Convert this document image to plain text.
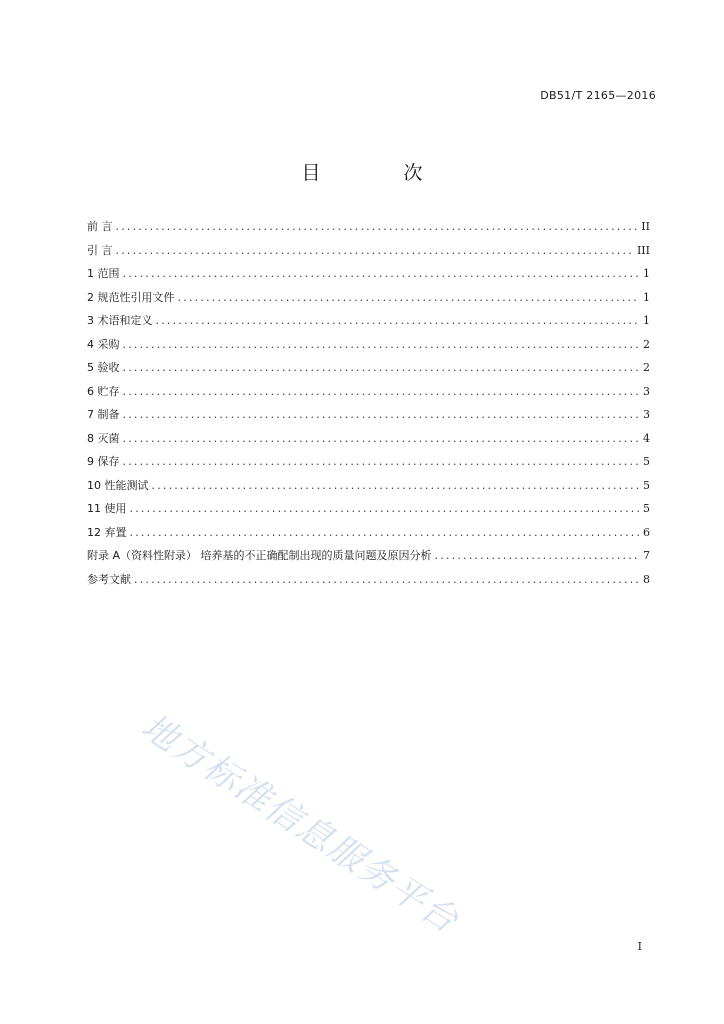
DB51/T 2165—2016
目　次
前 言 .....	II
引 言 .....	III
1 范围 .....	1
2 规范性引用文件 .....	1
3 术语和定义 .....	1
4 采购 .....	2
5 验收 .....	2
6 贮存 .....	3
7 制备 .....	3
8 灭菌 .....	4
9 保存 .....	5
10 性能测试 .....	5
11 使用 .....	5
12 弃置 .....	6
附录 A（资料性附录） 培养基的不正确配制出现的质量问题及原因分析 .....	7
参考文献 .....	8
地方标准信息服务平台
I
